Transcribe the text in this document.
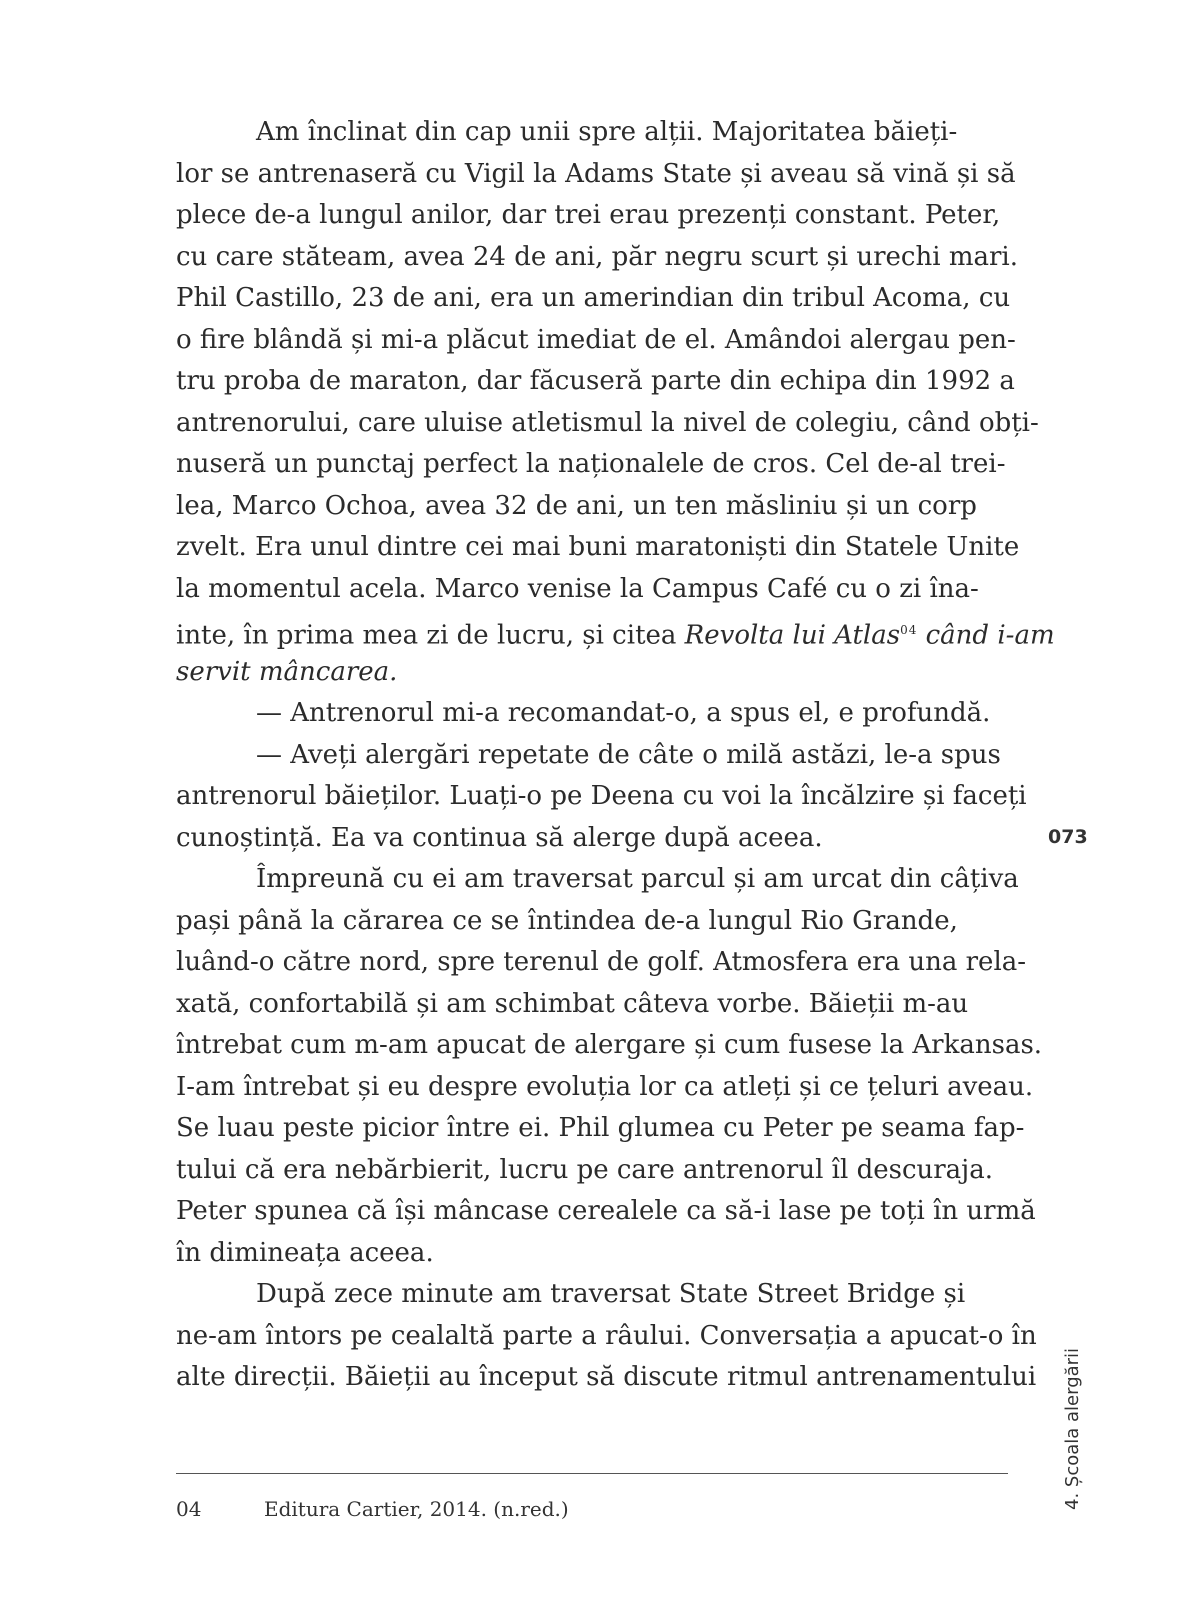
Am înclinat din cap unii spre alții. Majoritatea băieți-
lor se antrenaseră cu Vigil la Adams State și aveau să vină și să
plece de-a lungul anilor, dar trei erau prezenți constant. Peter,
cu care stăteam, avea 24 de ani, păr negru scurt și urechi mari.
Phil Castillo, 23 de ani, era un amerindian din tribul Acoma, cu
o fire blândă și mi-a plăcut imediat de el. Amândoi alergau pen-
tru proba de maraton, dar făcuseră parte din echipa din 1992 a
antrenorului, care uluise atletismul la nivel de colegiu, când obți-
nuseră un punctaj perfect la naționalele de cros. Cel de-al trei-
lea, Marco Ochoa, avea 32 de ani, un ten măsliniu și un corp
zvelt. Era unul dintre cei mai buni maratoniști din Statele Unite
la momentul acela. Marco venise la Campus Café cu o zi îna-
inte, în prima mea zi de lucru, și citea Revolta lui Atlas$^{04}$ când i-am
servit mâncarea.
— Antrenorul mi-a recomandat-o, a spus el, e profundă.
— Aveți alergări repetate de câte o milă astăzi, le-a spus
antrenorul băieților. Luați-o pe Deena cu voi la încălzire și faceți
cunoștință. Ea va continua să alerge după aceea.
Împreună cu ei am traversat parcul și am urcat din câțiva
pași până la cărarea ce se întindea de-a lungul Rio Grande,
luând-o către nord, spre terenul de golf. Atmosfera era una rela-
xată, confortabilă și am schimbat câteva vorbe. Băieții m-au
întrebat cum m-am apucat de alergare și cum fusese la Arkansas.
I-am întrebat și eu despre evoluția lor ca atleți și ce țeluri aveau.
Se luau peste picior între ei. Phil glumea cu Peter pe seama fap-
tului că era nebărbierit, lucru pe care antrenorul îl descuraja.
Peter spunea că își mâncase cerealele ca să-i lase pe toți în urmă
în dimineața aceea.
După zece minute am traversat State Street Bridge și
ne-am întors pe cealaltă parte a râului. Conversația a apucat-o în
alte direcții. Băieții au început să discute ritmul antrenamentului
073
04	Editura Cartier, 2014. (n.red.)	4. Școala alergării
